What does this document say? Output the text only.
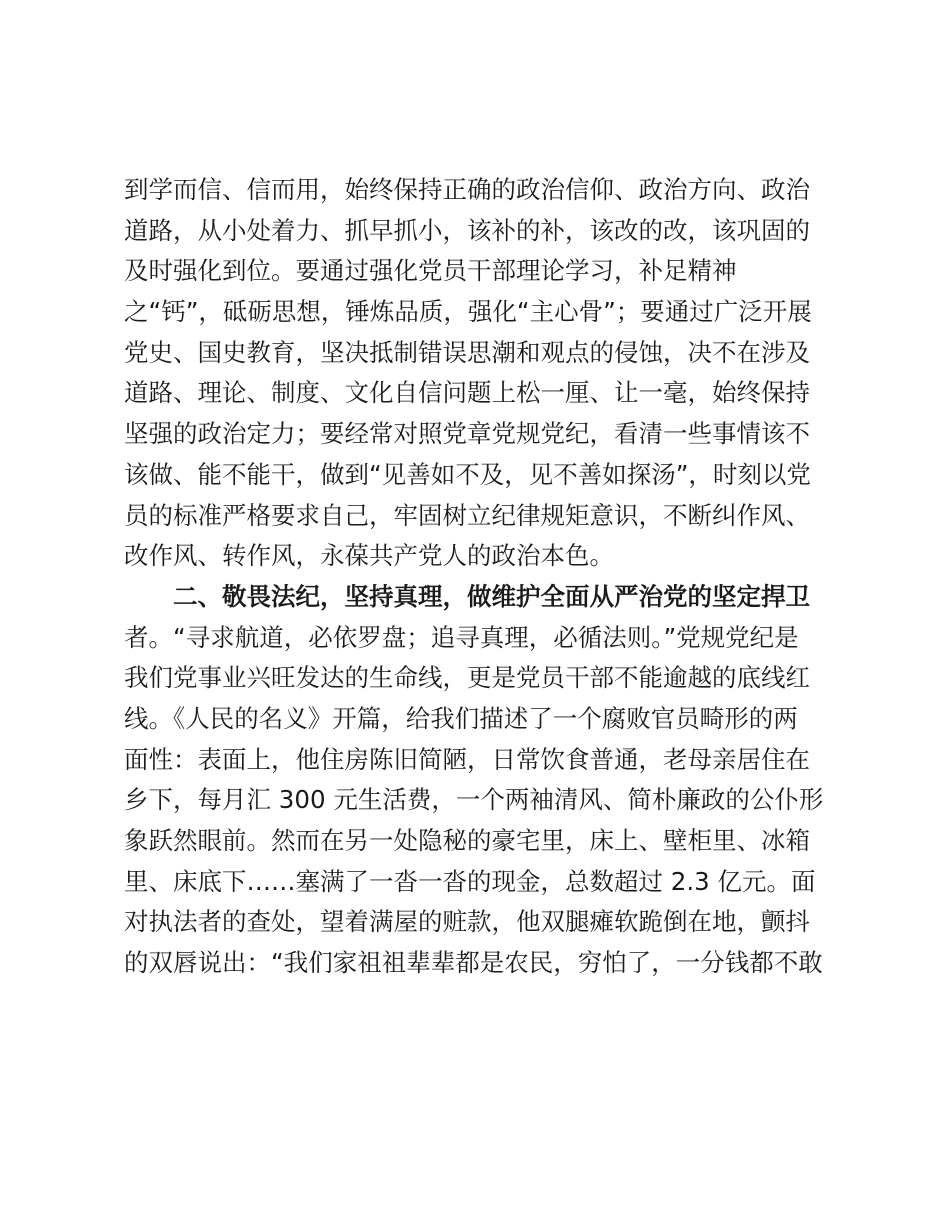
到学而信、信而用，始终保持正确的政治信仰、政治方向、政治
道路，从小处着力、抓早抓小，该补的补，该改的改，该巩固的
及时强化到位。要通过强化党员干部理论学习，补足精神
之“钙”，砥砺思想，锤炼品质，强化“主心骨”；要通过广泛开展
党史、国史教育，坚决抵制错误思潮和观点的侵蚀，决不在涉及
道路、理论、制度、文化自信问题上松一厘、让一毫，始终保持
坚强的政治定力；要经常对照党章党规党纪，看清一些事情该不
该做、能不能干，做到“见善如不及，见不善如探汤”，时刻以党
员的标准严格要求自己，牢固树立纪律规矩意识，不断纠作风、
改作风、转作风，永葆共产党人的政治本色。
二、敬畏法纪，坚持真理，做维护全面从严治党的坚定捍卫
者。“寻求航道，必依罗盘；追寻真理，必循法则。”党规党纪是
我们党事业兴旺发达的生命线，更是党员干部不能逾越的底线红
线。《人民的名义》开篇，给我们描述了一个腐败官员畸形的两
面性：表面上，他住房陈旧简陋，日常饮食普通，老母亲居住在
乡下，每月汇 300 元生活费，一个两袖清风、简朴廉政的公仆形
象跃然眼前。然而在另一处隐秘的豪宅里，床上、壁柜里、冰箱
里、床底下……塞满了一沓一沓的现金，总数超过 2.3 亿元。面
对执法者的查处，望着满屋的赃款，他双腿瘫软跪倒在地，颤抖
的双唇说出：“我们家祖祖辈辈都是农民，穷怕了，一分钱都不敢
